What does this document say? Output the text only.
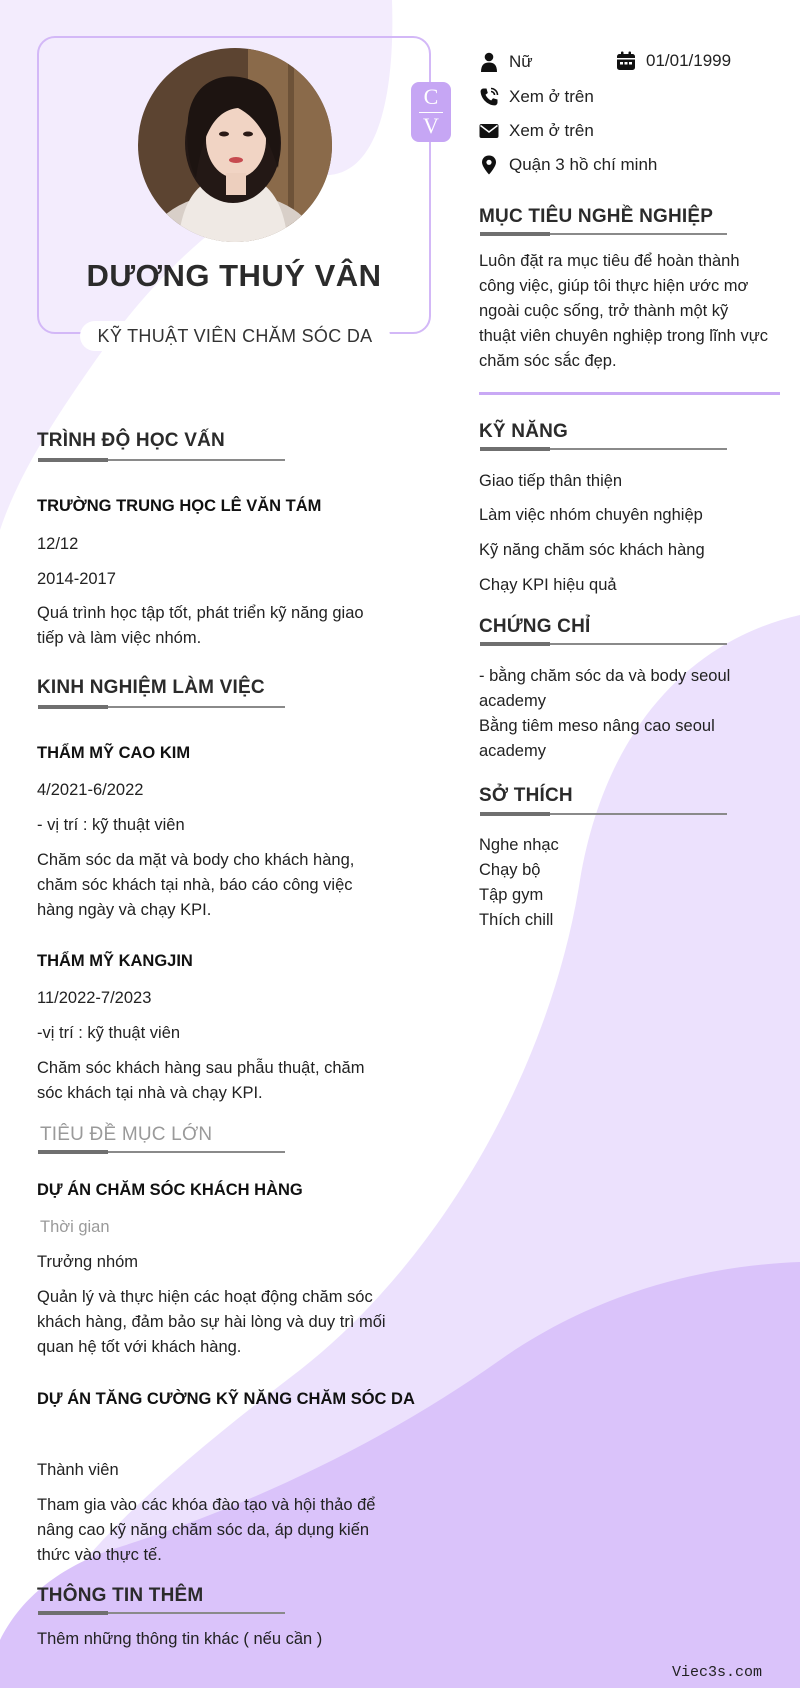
C
V
DƯƠNG THUÝ VÂN
KỸ THUẬT VIÊN CHĂM SÓC DA
Nữ	01/01/1999
Xem ở trên
Xem ở trên
Quận 3 hồ chí minh
MỤC TIÊU NGHỀ NGHIỆP
Luôn đặt ra mục tiêu để hoàn thành
công việc, giúp tôi thực hiện ước mơ
ngoài cuộc sống, trở thành một kỹ
thuật viên chuyên nghiệp trong lĩnh vực
chăm sóc sắc đẹp.
KỸ NĂNG
Giao tiếp thân thiện
Làm việc nhóm chuyên nghiệp
Kỹ năng chăm sóc khách hàng
Chạy KPI hiệu quả
CHỨNG CHỈ
- bằng chăm sóc da và body seoul
academy
Bằng tiêm meso nâng cao seoul
academy
SỞ THÍCH
Nghe nhạc
Chạy bộ
Tập gym
Thích chill
TRÌNH ĐỘ HỌC VẤN
TRƯỜNG TRUNG HỌC LÊ VĂN TÁM
12/12
2014-2017
Quá trình học tập tốt, phát triển kỹ năng giao
tiếp và làm việc nhóm.
KINH NGHIỆM LÀM VIỆC
THẨM MỸ CAO KIM
4/2021-6/2022
- vị trí : kỹ thuật viên
Chăm sóc da mặt và body cho khách hàng,
chăm sóc khách tại nhà, báo cáo công việc
hàng ngày và chạy KPI.
THẨM MỸ KANGJIN
11/2022-7/2023
-vị trí : kỹ thuật viên
Chăm sóc khách hàng sau phẫu thuật, chăm
sóc khách tại nhà và chạy KPI.
TIÊU ĐỀ MỤC LỚN
DỰ ÁN CHĂM SÓC KHÁCH HÀNG
Thời gian
Trưởng nhóm
Quản lý và thực hiện các hoạt động chăm sóc
khách hàng, đảm bảo sự hài lòng và duy trì mối
quan hệ tốt với khách hàng.
DỰ ÁN TĂNG CƯỜNG KỸ NĂNG CHĂM SÓC DA
Thành viên
Tham gia vào các khóa đào tạo và hội thảo để
nâng cao kỹ năng chăm sóc da, áp dụng kiến
thức vào thực tế.
THÔNG TIN THÊM
Thêm những thông tin khác ( nếu cần )
Viec3s.com
